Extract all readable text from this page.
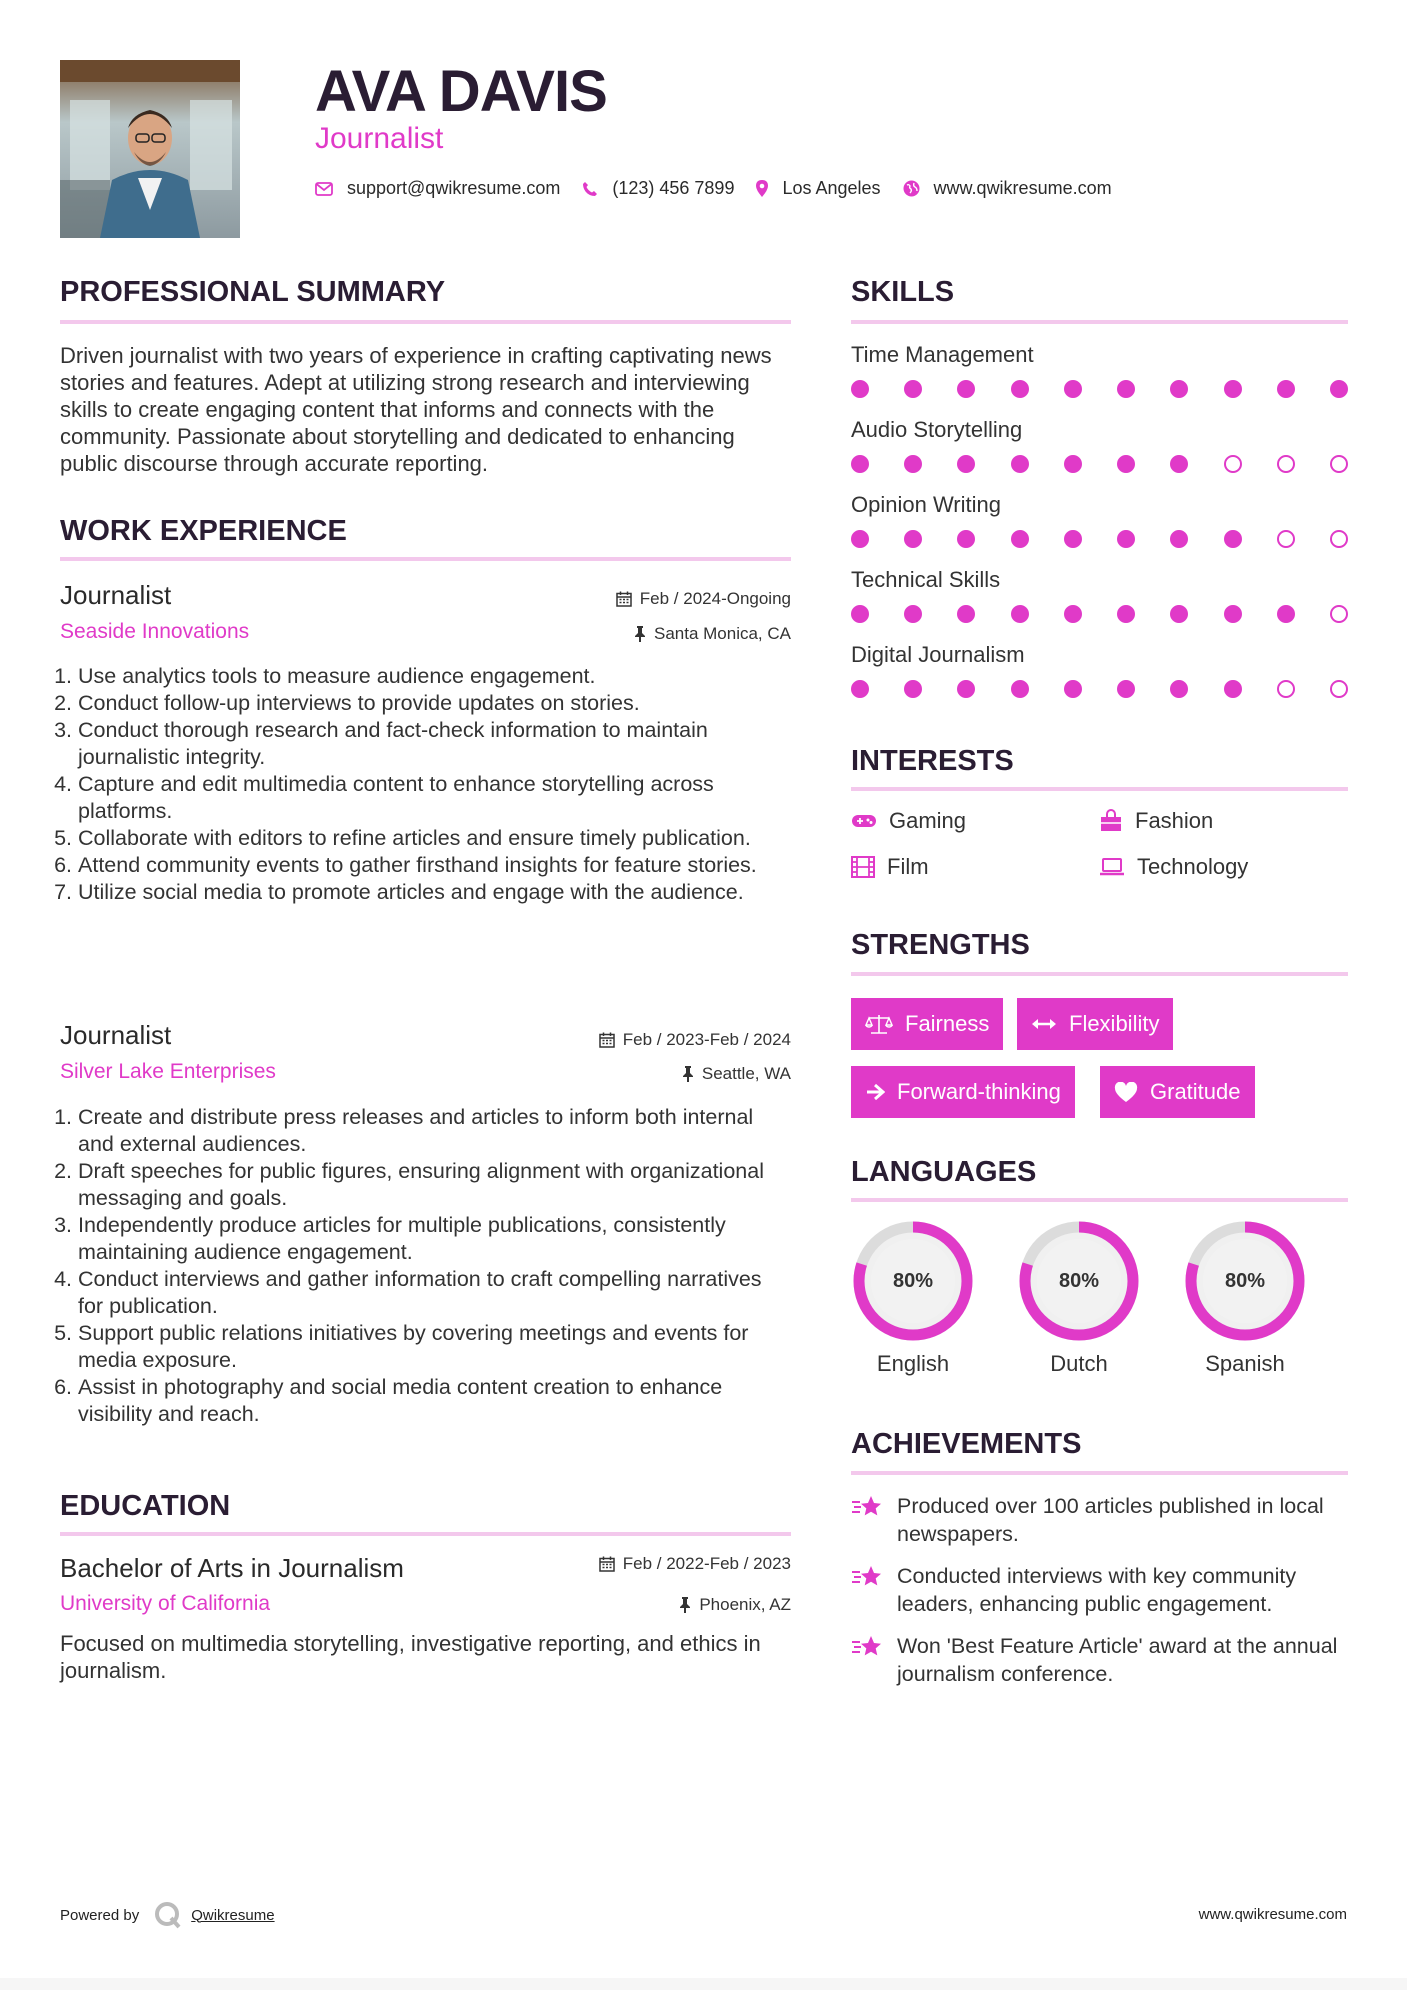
AVA DAVIS
Journalist
support@qwikresume.com	(123) 456 7899	Los Angeles	www.qwikresume.com
PROFESSIONAL SUMMARY
Driven journalist with two years of experience in crafting captivating news stories and features. Adept at utilizing strong research and interviewing skills to create engaging content that informs and connects with the community. Passionate about storytelling and dedicated to enhancing public discourse through accurate reporting.
WORK EXPERIENCE
Journalist	Feb / 2024-Ongoing
Seaside Innovations	Santa Monica, CA
1. Use analytics tools to measure audience engagement.
2. Conduct follow-up interviews to provide updates on stories.
3. Conduct thorough research and fact-check information to maintain journalistic integrity.
4. Capture and edit multimedia content to enhance storytelling across platforms.
5. Collaborate with editors to refine articles and ensure timely publication.
6. Attend community events to gather firsthand insights for feature stories.
7. Utilize social media to promote articles and engage with the audience.
Journalist	Feb / 2023-Feb / 2024
Silver Lake Enterprises	Seattle, WA
1. Create and distribute press releases and articles to inform both internal and external audiences.
2. Draft speeches for public figures, ensuring alignment with organizational messaging and goals.
3. Independently produce articles for multiple publications, consistently maintaining audience engagement.
4. Conduct interviews and gather information to craft compelling narratives for publication.
5. Support public relations initiatives by covering meetings and events for media exposure.
6. Assist in photography and social media content creation to enhance visibility and reach.
EDUCATION
Bachelor of Arts in Journalism	Feb / 2022-Feb / 2023
University of California	Phoenix, AZ
Focused on multimedia storytelling, investigative reporting, and ethics in journalism.
SKILLS
Time Management
Audio Storytelling
Opinion Writing
Technical Skills
Digital Journalism
INTERESTS
Gaming	Fashion
Film	Technology
STRENGTHS
Fairness	Flexibility
Forward-thinking	Gratitude
LANGUAGES
80%
English
80%
Dutch
80%
Spanish
ACHIEVEMENTS
Produced over 100 articles published in local newspapers.
Conducted interviews with key community leaders, enhancing public engagement.
Won 'Best Feature Article' award at the annual journalism conference.
Powered by	Qwikresume	www.qwikresume.com
